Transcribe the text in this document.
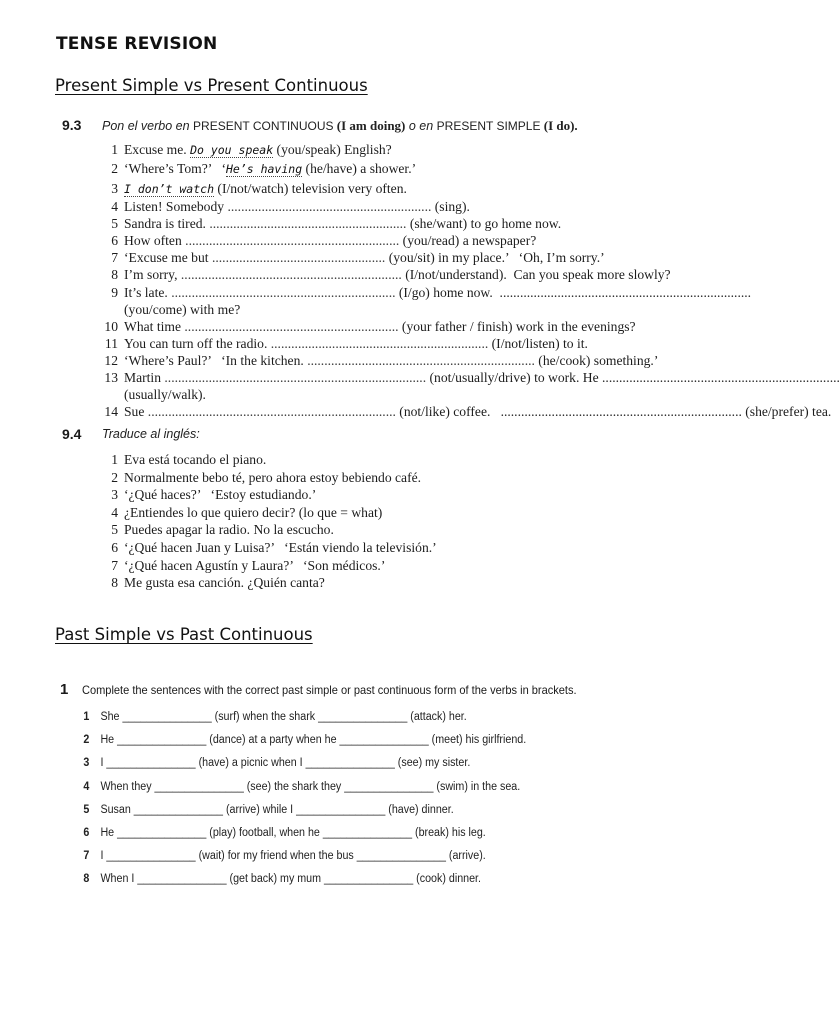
TENSE REVISION
Present Simple vs Present Continuous
9.3 Pon el verbo en PRESENT CONTINUOUS (I am doing) o en PRESENT SIMPLE (I do).
1 Excuse me. Do you speak (you/speak) English?
2 ‘Where’s Tom?’   ‘He’s having (he/have) a shower.’
3 I don’t watch (I/not/watch) television very often.
4 Listen! Somebody ............................................................ (sing).
5 Sandra is tired. .......................................................... (she/want) to go home now.
6 How often ............................................................... (you/read) a newspaper?
7 ‘Excuse me but ................................................... (you/sit) in my place.’   ‘Oh, I’m sorry.’
8 I’m sorry, ................................................................. (I/not/understand).  Can you speak more slowly?
9 It’s late. .................................................................. (I/go) home now.  ..........................................................................
10 What time ............................................................... (your father / finish) work in the evenings?
11 You can turn off the radio. ................................................................ (I/not/listen) to it.
12 ‘Where’s Paul?’   ‘In the kitchen. ................................................................... (he/cook) something.’
13 Martin ............................................................................. (not/usually/drive) to work. He ......................................................................
14 Sue ......................................................................... (not/like) coffee.   ....................................................................... (she/prefer) tea.
(you/come) with me?
(usually/walk).
9.4 Traduce al inglés:
1 Eva está tocando el piano.
2 Normalmente bebo té, pero ahora estoy bebiendo café.
3 ‘¿Qué haces?’   ‘Estoy estudiando.’
4 ¿Entiendes lo que quiero decir? (lo que = what)
5 Puedes apagar la radio. No la escucho.
6 ‘¿Qué hacen Juan y Luisa?’   ‘Están viendo la televisión.’
7 ‘¿Qué hacen Agustín y Laura?’   ‘Son médicos.’
8 Me gusta esa canción. ¿Quién canta?
Past Simple vs Past Continuous
1 Complete the sentences with the correct past simple or past continuous form of the verbs in brackets.
1 She _______________ (surf) when the shark _______________ (attack) her.
2 He _______________ (dance) at a party when he _______________ (meet) his girlfriend.
3 I _______________ (have) a picnic when I _______________ (see) my sister.
4 When they _______________ (see) the shark they _______________ (swim) in the sea.
5 Susan _______________ (arrive) while I _______________ (have) dinner.
6 He _______________ (play) football, when he _______________ (break) his leg.
7 I _______________ (wait) for my friend when the bus _______________ (arrive).
8 When I _______________ (get back) my mum _______________ (cook) dinner.
